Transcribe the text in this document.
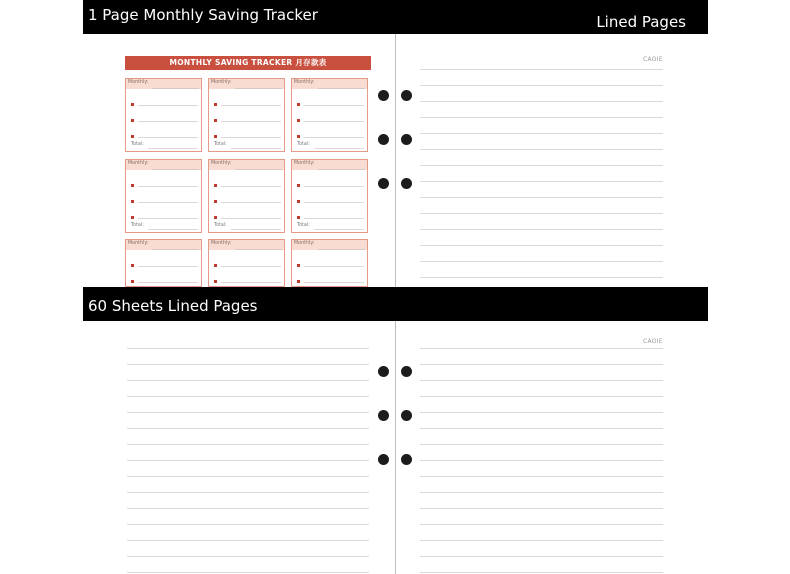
1 Page Monthly Saving Tracker	Lined Pages
MONTHLY SAVING TRACKER 月存款表
Monthly:
Total:
Monthly:
Total:
Monthly:
Total:
Monthly:
Total:
Monthly:
Total:
Monthly:
Total:
Monthly:	Monthly:	Monthly:
CAOIE
60 Sheets Lined Pages
CAOIE
